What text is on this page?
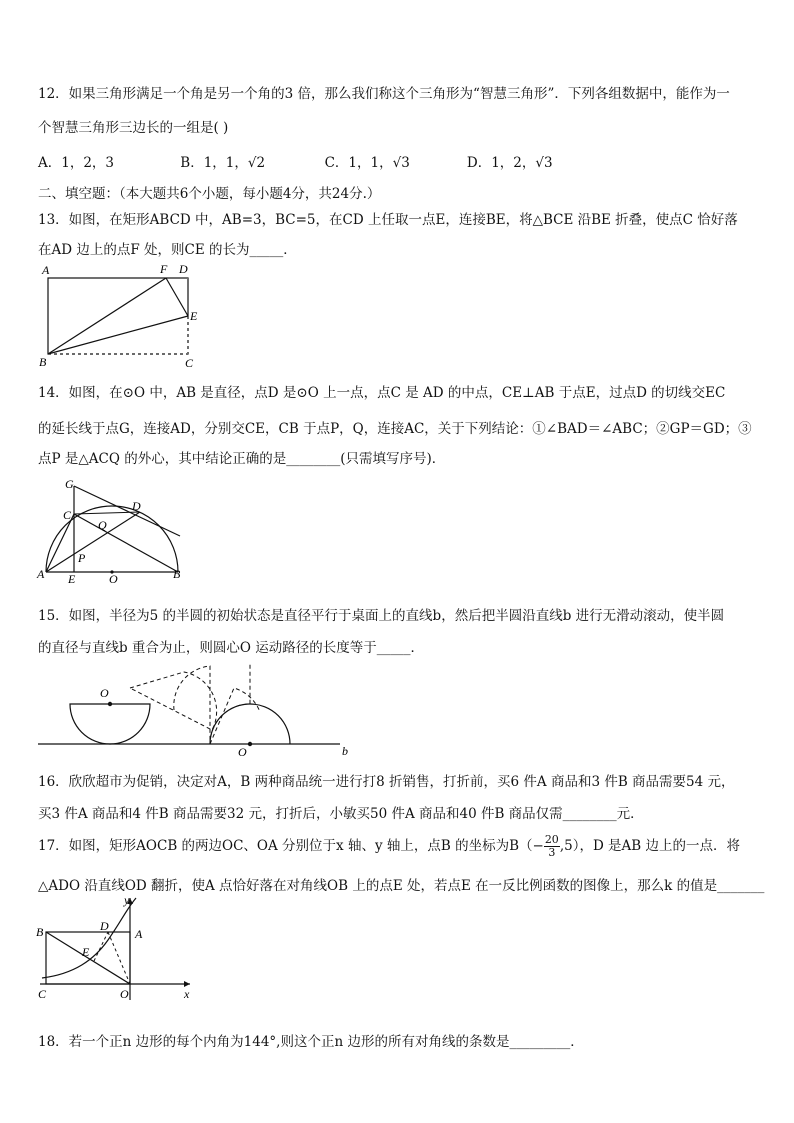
12．如果三角形满足一个角是另一个角的3 倍，那么我们称这个三角形为“智慧三角形”．下列各组数据中，能作为一
个智慧三角形三边长的一组是( )
A．1，2，3	B．1，1，√2	C．1，1，√3	D．1，2，√3
二、填空题：（本大题共6个小题，每小题4分，共24分.）
13．如图，在矩形ABCD 中，AB=3，BC=5，在CD 上任取一点E，连接BE，将△BCE 沿BE 折叠，使点C 恰好落
在AD 边上的点F 处，则CE 的长为_____．
A	F D
E
B	C
14．如图，在⊙O 中，AB 是直径，点D 是⊙O 上一点，点C 是 AD 的中点，CE⊥AB 于点E，过点D 的切线交EC
的延长线于点G，连接AD，分别交CE，CB 于点P，Q，连接AC，关于下列结论：①∠BAD＝∠ABC；②GP＝GD；③
点P 是△ACQ 的外心，其中结论正确的是________(只需填写序号)．
G
C
D
Q
P
A E	O	B
15．如图，半径为5 的半圆的初始状态是直径平行于桌面上的直线b，然后把半圆沿直线b 进行无滑动滚动，使半圆
的直径与直线b 重合为止，则圆心O 运动路径的长度等于_____．
O
O	b
16．欣欣超市为促销，决定对A，B 两种商品统一进行打8 折销售，打折前，买6 件A 商品和3 件B 商品需要54 元，
买3 件A 商品和4 件B 商品需要32 元，打折后，小敏买50 件A 商品和40 件B 商品仅需________元．
17．如图，矩形AOCB 的两边OC、OA 分别位于x 轴、y 轴上，点B 的坐标为$B(- \frac{20}{3} ,5)$，D 是AB 边上的一点．将
△ADO 沿直线OD 翻折，使A 点恰好落在对角线OB 上的点E 处，若点E 在一反比例函数的图像上，那么k 的值是_______
y
B	D
A
E
C	O	x
18．若一个正n 边形的每个内角为144°,则这个正n 边形的所有对角线的条数是_________．
